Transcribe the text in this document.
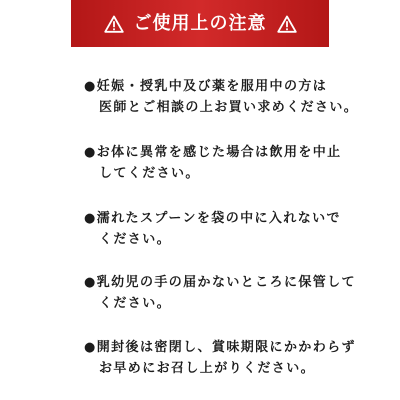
ご使用上の注意
●妊娠・授乳中及び薬を服用中の方は
医師とご相談の上お買い求めください。
●お体に異常を感じた場合は飲用を中止
してください。
●濡れたスプーンを袋の中に入れないで
ください。
●乳幼児の手の届かないところに保管して
ください。
●開封後は密閉し、賞味期限にかかわらず
お早めにお召し上がりください。
